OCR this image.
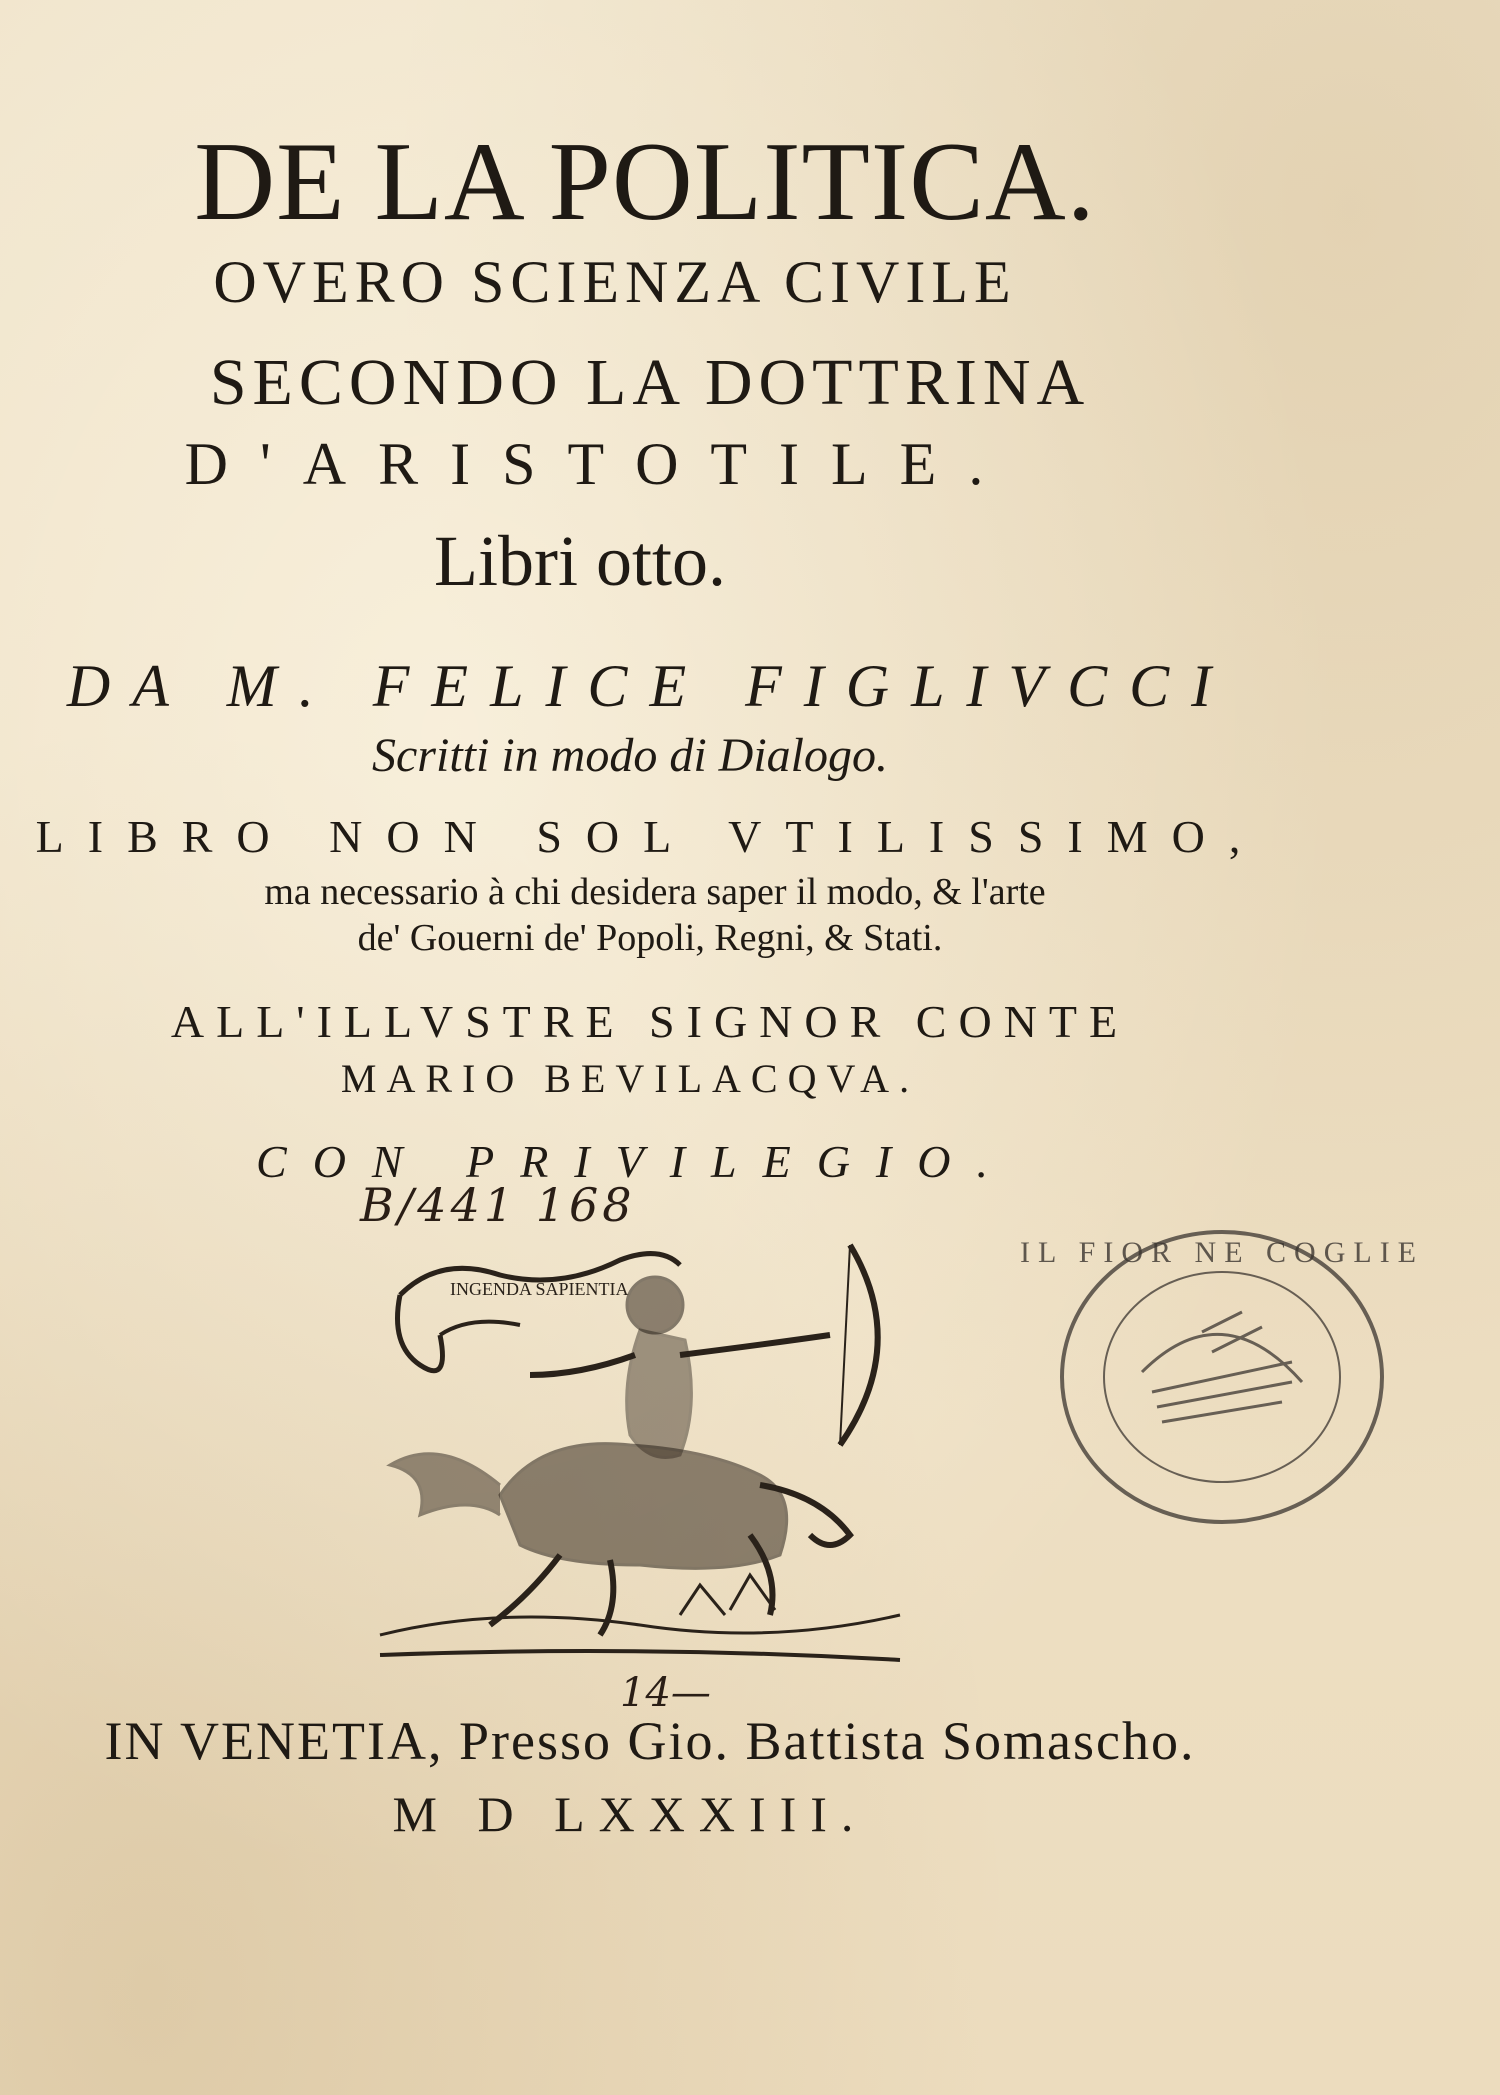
DE LA POLITICA.
OVERO SCIENZA CIVILE
SECONDO LA DOTTRINA
D'ARISTOTILE.
Libri otto.
DA M. FELICE FIGLIVCCI
Scritti in modo di Dialogo.
LIBRO NON SOL VTILISSIMO,
ma necessario à chi desidera saper il modo, & l'arte
de' Gouerni de' Popoli, Regni, & Stati.
ALL'ILLVSTRE SIGNOR CONTE
MARIO BEVILACQVA.
CON PRIVILEGIO.
B/441 168
INGENDA SAPIENTIA
IL FIOR NE COGLIE
14—
IN VENETIA, Presso Gio. Battista Somascho.
M D LXXXIII.
